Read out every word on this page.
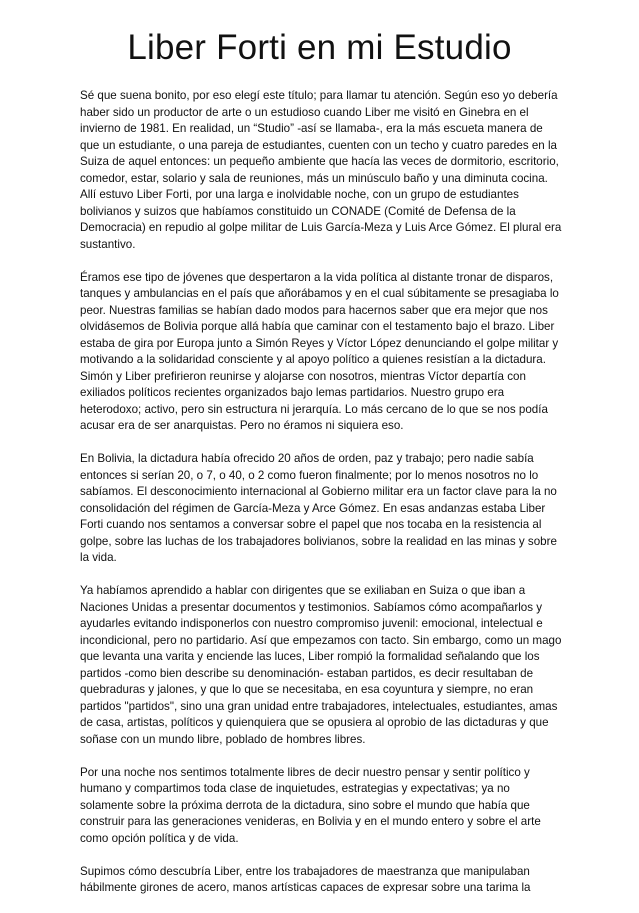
Liber Forti en mi Estudio

Sé que suena bonito, por eso elegí este título; para llamar tu atención. Según eso yo debería haber sido un productor de arte o un estudioso cuando Liber me visitó en Ginebra en el invierno de 1981. En realidad, un “Studio” -así se llamaba-, era la más escueta manera de que un estudiante, o una pareja de estudiantes, cuenten con un techo y cuatro paredes en la Suiza de aquel entonces: un pequeño ambiente que hacía las veces de dormitorio, escritorio, comedor, estar, solario y sala de reuniones, más un minúsculo baño y una diminuta cocina. Allí estuvo Liber Forti, por una larga e inolvidable noche, con un grupo de estudiantes bolivianos y suizos que habíamos constituido un CONADE (Comité de Defensa de la Democracia) en repudio al golpe militar de Luis García-Meza y Luis Arce Gómez. El plural era sustantivo.

Éramos ese tipo de jóvenes que despertaron a la vida política al distante tronar de disparos, tanques y ambulancias en el país que añorábamos y en el cual súbitamente se presagiaba lo peor. Nuestras familias se habían dado modos para hacernos saber que era mejor que nos olvidásemos de Bolivia porque allá había que caminar con el testamento bajo el brazo. Liber estaba de gira por Europa junto a Simón Reyes y Víctor López denunciando el golpe militar y motivando a la solidaridad consciente y al apoyo político a quienes resistían a la dictadura. Simón y Liber prefirieron reunirse y alojarse con nosotros, mientras Víctor departía con exiliados políticos recientes organizados bajo lemas partidarios. Nuestro grupo era heterodoxo; activo, pero sin estructura ni jerarquía. Lo más cercano de lo que se nos podía acusar era de ser anarquistas. Pero no éramos ni siquiera eso.

En Bolivia, la dictadura había ofrecido 20 años de orden, paz y trabajo; pero nadie sabía entonces si serían 20, o 7, o 40, o 2 como fueron finalmente; por lo menos nosotros no lo sabíamos. El desconocimiento internacional al Gobierno militar era un factor clave para la no consolidación del régimen de García-Meza y Arce Gómez. En esas andanzas estaba Liber Forti cuando nos sentamos a conversar sobre el papel que nos tocaba en la resistencia al golpe, sobre las luchas de los trabajadores bolivianos, sobre la realidad en las minas y sobre la vida.

Ya habíamos aprendido a hablar con dirigentes que se exiliaban en Suiza o que iban a Naciones Unidas a presentar documentos y testimonios. Sabíamos cómo acompañarlos y ayudarles evitando indisponerlos con nuestro compromiso juvenil: emocional, intelectual e incondicional, pero no partidario. Así que empezamos con tacto. Sin embargo, como un mago que levanta una varita y enciende las luces, Liber rompió la formalidad señalando que los partidos -como bien describe su denominación- estaban partidos, es decir resultaban de quebraduras y jalones, y que lo que se necesitaba, en esa coyuntura y siempre, no eran partidos "partidos", sino una gran unidad entre trabajadores, intelectuales, estudiantes, amas de casa, artistas, políticos y quienquiera que se opusiera al oprobio de las dictaduras y que soñase con un mundo libre, poblado de hombres libres.

Por una noche nos sentimos totalmente libres de decir nuestro pensar y sentir político y humano y compartimos toda clase de inquietudes, estrategias y expectativas; ya no solamente sobre la próxima derrota de la dictadura, sino sobre el mundo que había que construir para las generaciones venideras, en Bolivia y en el mundo entero y sobre el arte como opción política y de vida.

Supimos cómo descubría Liber, entre los trabajadores de maestranza que manipulaban hábilmente girones de acero, manos artísticas capaces de expresar sobre una tarima la
